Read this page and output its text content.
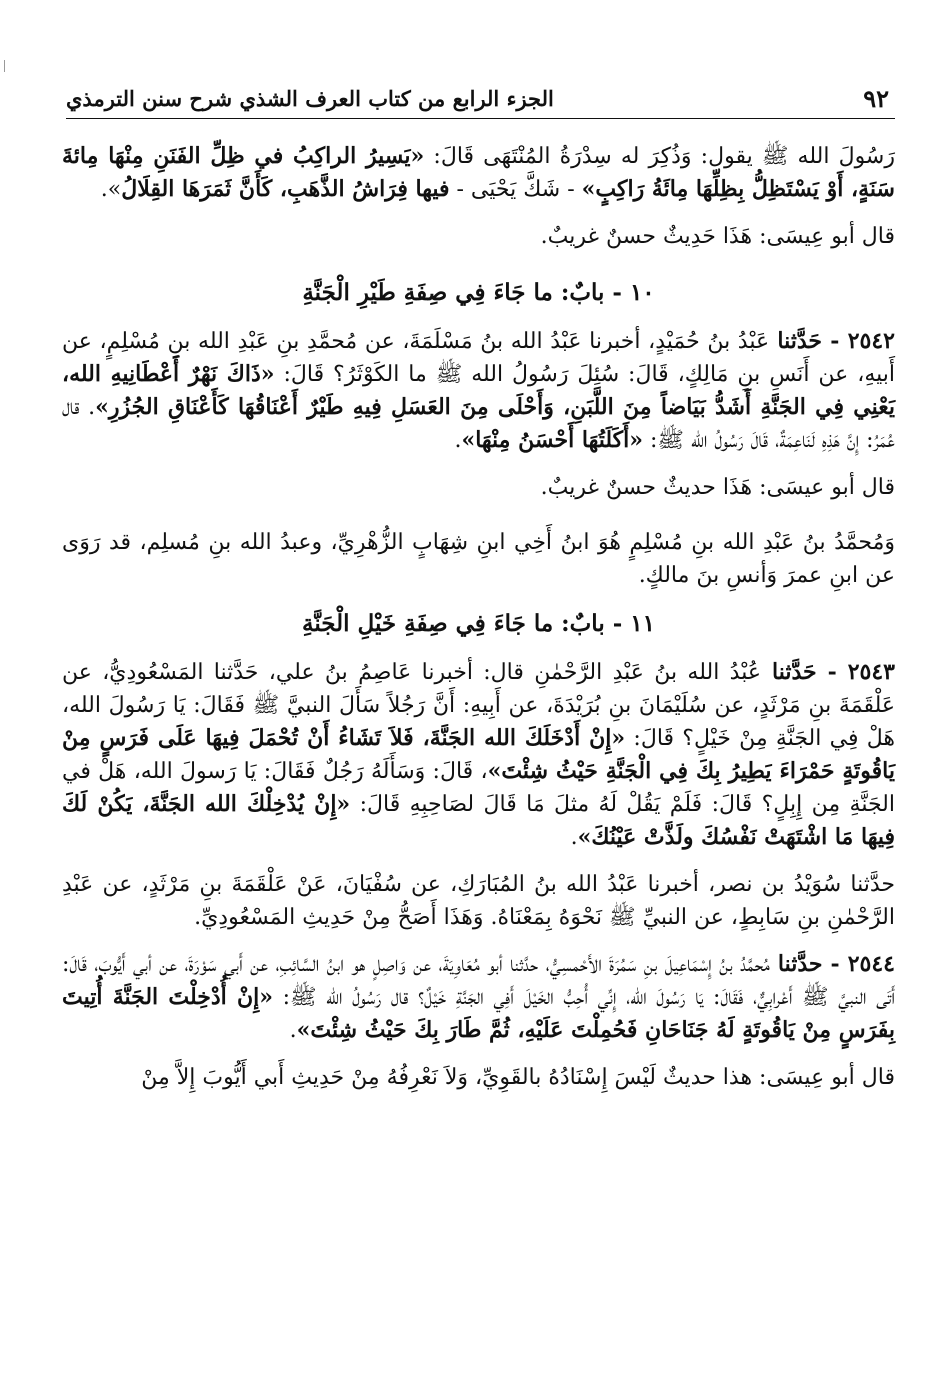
٩٢
الجزء الرابع من كتاب العرف الشذي شرح سنن الترمذي

رَسُولَ الله ﷺ يقول: وَذُكِرَ له سِدْرَةُ المُنْتَهَى قَالَ: «يَسِيرُ الراكِبُ في ظِلِّ الفَنَنِ مِنْهَا مِائةَ سَنَةٍ، أَوْ يَسْتَظِلُّ بِظِلِّهَا مِائَةُ رَاكِبٍ» - شَكَّ يَحْيَى - فيها فِرَاشُ الذَّهَبِ، كَأَنَّ ثَمَرَهَا القِلَالُ».

قال أبو عِيسَى: هَذَا حَدِيثٌ حسنٌ غريبٌ.

١٠ - بابٌ: ما جَاءَ فِي صِفَةِ طَيْرِ الْجَنَّةِ

٢٥٤٢ - حَدَّثنا عَبْدُ بنُ حُمَيْدٍ، أخبرنا عَبْدُ الله بنُ مَسْلَمَةَ، عن مُحمَّدِ بنِ عَبْدِ الله بنِ مُسْلِمٍ، عن أَبيهِ، عن أَنَسِ بنِ مَالِكٍ، قَالَ: سُئِلَ رَسُولُ الله ﷺ ما الكَوْثَرُ؟ قَالَ: «ذَاكَ نَهْرٌ أَعْطَانِيهِ الله، يَعْنِي فِي الجَنَّةِ أَشَدُّ بَيَاضاً مِنَ اللَّبَنِ، وَأَحْلَى مِنَ العَسَلِ فِيهِ طَيْرٌ أَعْنَاقُهَا كَأَعْنَاقِ الجُزُرِ». قال عُمَرُ: إِنَّ هَذِهِ لَنَاعِمَةٌ، قَالَ رَسُولُ الله ﷺ: «أَكَلَتُهَا أَحْسَنُ مِنْهَا».

قال أبو عيسَى: هَذَا حديثٌ حسنٌ غريبٌ.

وَمُحمَّدُ بنُ عَبْدِ الله بنِ مُسْلِمٍ هُوَ ابنُ أَخِي ابنِ شِهَابٍ الزُّهْرِيِّ، وعبدُ الله بنِ مُسلِم، قد رَوَى عن ابنِ عمرَ وَأنسِ بنَ مالكٍ.

١١ - بابٌ: ما جَاءَ فِي صِفَةِ خَيْلِ الْجَنَّةِ

٢٥٤٣ - حَدَّثنا عُبْدُ الله بنُ عَبْدِ الرَّحْمٰنِ قال: أخبرنا عَاصِمُ بنُ علي، حَدَّثنا المَسْعُودِيُّ، عن عَلْقَمَةَ بنِ مَرْثَدٍ، عن سُلَيْمَانَ بنِ بُرَيْدَةَ، عن أَبِيهِ: أَنَّ رَجُلاً سَأَلَ النبيَّ ﷺ فَقَالَ: يَا رَسُولَ الله، هَلْ فِي الجَنَّةِ مِنْ خَيْلٍ؟ قَالَ: «إِنْ أَدْخَلَكَ الله الجَنَّةَ، فَلاَ تَشَاءُ أَنْ تُحْمَلَ فِيهَا عَلَى فَرَسٍ مِنْ يَاقُوتَةٍ حَمْرَاءَ يَطِيرُ بِكَ فِي الْجَنَّةِ حَيْثُ شِئْتَ»، قَالَ: وَسَأَلَهُ رَجُلٌ فَقَالَ: يَا رَسولَ الله، هَلْ في الجَنَّةِ مِن إِبِلٍ؟ قَالَ: فَلَمْ يَقُلْ لَهُ مثلَ مَا قَالَ لصَاحِبِهِ قَالَ: «إِنْ يُدْخِلْكَ الله الجَنَّةَ، يَكُنْ لَكَ فِيهَا مَا اشْتَهَتْ نَفْسُكَ ولَذَّتْ عَيْنُكَ».

حدَّثنا سُوَيْدُ بن نصر، أخبرنا عَبْدُ الله بنُ المُبَارَكِ، عن سُفْيَانَ، عَنْ عَلْقَمَةَ بنِ مَرْثَدٍ، عن عَبْدِ الرَّحْمٰنِ بنِ سَابِطٍ، عن النبيِّ ﷺ نَحْوَهُ بِمَعْنَاهُ. وَهَذَا أَصَحُّ مِنْ حَدِيثِ المَسْعُودِيِّ.

٢٥٤٤ - حدَّثنا مُحمَّدُ بنُ إِسْمَاعِيلَ بنِ سَمُرَةَ الأَحْمسِيُّ، حدَّثنا أبو مُعَاوِيَةَ، عن وَاصِلٍ هو ابنُ السَّائِبِ، عن أَبي سَوْرَةَ، عن أبي أَيُّوبَ، قَالَ: أَتَى النبيَّ ﷺ أَعْرابِيٌّ، فَقَالَ: يَا رَسُولَ الله، إِنِّي أُحِبُّ الخَيْلَ أَفِي الجَنَّةِ خَيْلٌ؟ قال رَسُولُ الله ﷺ: «إِنْ أُدْخِلْتَ الجَنَّةَ أُتِيتَ بِفَرَسٍ مِنْ يَاقُوتَةٍ لَهُ جَنَاحَانِ فَحُمِلْتَ عَلَيْهِ، ثُمَّ طَارَ بِكَ حَيْثُ شِئْتَ».

قال أبو عِيسَى: هذا حديثٌ لَيْسَ إِسْنَادُهُ بالقَوِيِّ، وَلاَ نَعْرِفُهُ مِنْ حَدِيثِ أَبي أَيُّوبَ إِلاَّ مِنْ
